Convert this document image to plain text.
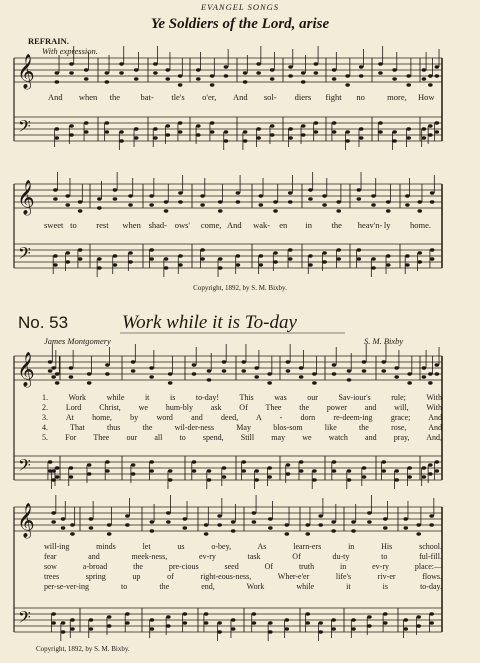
EVANGEL SONGS
Ye Soldiers of the Lord, arise
REFRAIN.
With expression.
𝄞
𝄢
𝄞
𝄢
𝄞
𝄢
𝄞
𝄢
And when the bat- tle's o'er, And sol- diers fight no	more, How
sweet to rest when shad- ows' come, And wak- en in the heav'n- ly home.
Copyright, 1892, by S. M. Bixby.
No. 53	Work while it is To-day
James Montgomery	S. M. Bixby
1. Work while it is to-day! This was our Sav-iour's rule; With
2. Lord Christ, we hum-bly ask Of Thee the power and will, With
3. At home, by word and deed, A - dorn re-deem-ing grace; And
4. That thus the wil-der-ness May blos-som like the rose, And
5. For Thee our all to spend, Still may we watch and pray, And,
will-ing minds let us o-bey, As learn-ers in His school.
fear and meek-ness, ev-ry task Of du-ty to ful-fill.
sow a-broad the pre-cious seed Of truth in ev-ry place:—
trees spring up of right-eous-ness, Wher-e'er life's riv-er flows.
per-se-ver-ing to the end, Work while it is to-day.
Copyright, 1892, by S. M. Bixby.
